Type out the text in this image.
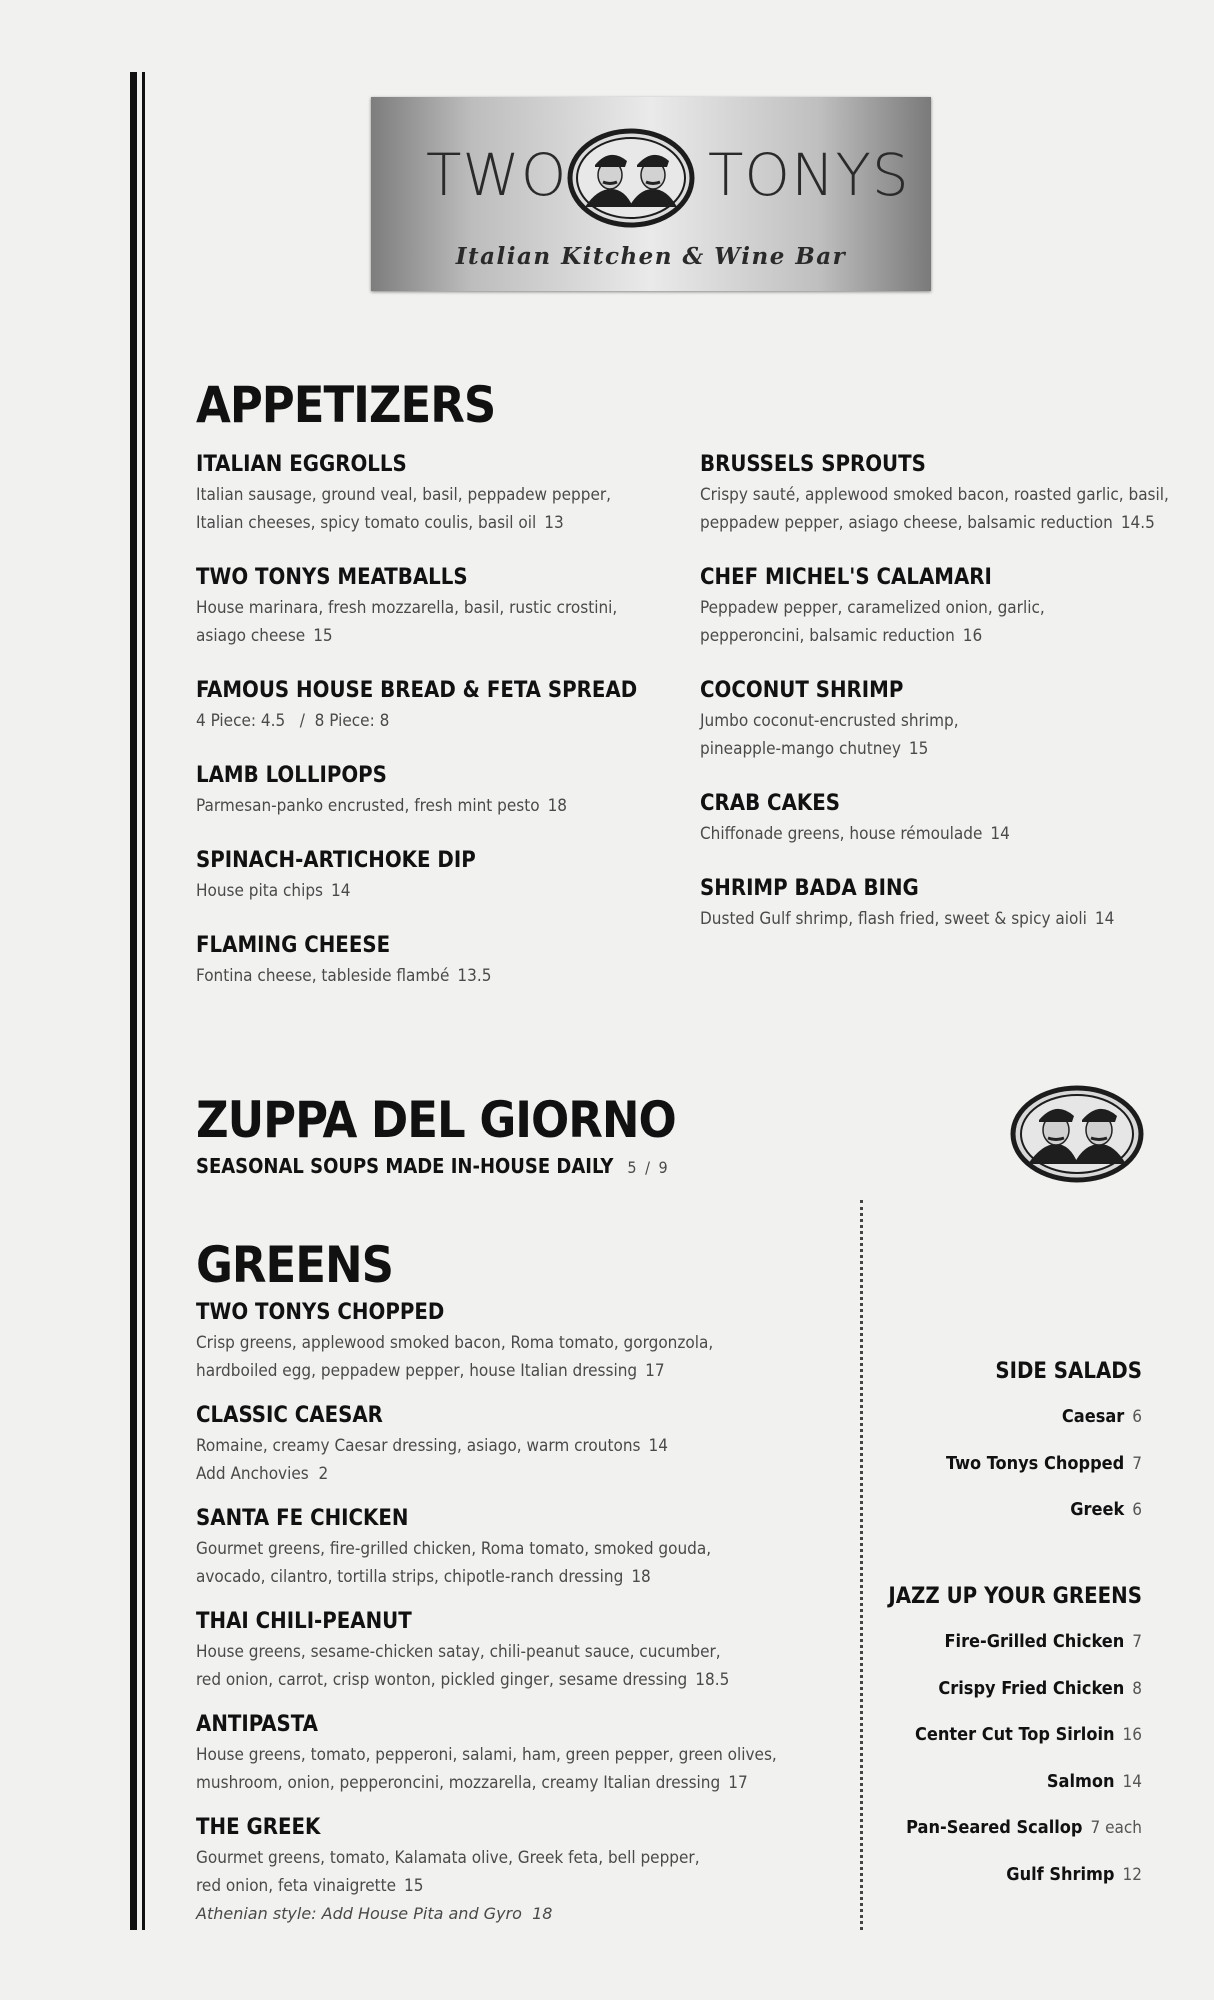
TWO TONYS
Italian Kitchen & Wine Bar
APPETIZERS
ITALIAN EGGROLLS
Italian sausage, ground veal, basil, peppadew pepper,
Italian cheeses, spicy tomato coulis, basil oil 13
TWO TONYS MEATBALLS
House marinara, fresh mozzarella, basil, rustic crostini,
asiago cheese 15
FAMOUS HOUSE BREAD & FETA SPREAD
4 Piece: 4.5   /  8 Piece: 8
LAMB LOLLIPOPS
Parmesan-panko encrusted, fresh mint pesto 18
SPINACH-ARTICHOKE DIP
House pita chips 14
FLAMING CHEESE
Fontina cheese, tableside flambé 13.5
BRUSSELS SPROUTS
Crispy sauté, applewood smoked bacon, roasted garlic, basil,
peppadew pepper, asiago cheese, balsamic reduction 14.5
CHEF MICHEL'S CALAMARI
Peppadew pepper, caramelized onion, garlic,
pepperoncini, balsamic reduction 16
COCONUT SHRIMP
Jumbo coconut-encrusted shrimp,
pineapple-mango chutney 15
CRAB CAKES
Chiffonade greens, house rémoulade 14
SHRIMP BADA BING
Dusted Gulf shrimp, flash fried, sweet & spicy aioli 14
ZUPPA DEL GIORNO
SEASONAL SOUPS MADE IN-HOUSE DAILY 5 / 9
GREENS
TWO TONYS CHOPPED
Crisp greens, applewood smoked bacon, Roma tomato, gorgonzola,
hardboiled egg, peppadew pepper, house Italian dressing 17
CLASSIC CAESAR
Romaine, creamy Caesar dressing, asiago, warm croutons 14
Add Anchovies  2
SANTA FE CHICKEN
Gourmet greens, fire-grilled chicken, Roma tomato, smoked gouda,
avocado, cilantro, tortilla strips, chipotle-ranch dressing 18
THAI CHILI-PEANUT
House greens, sesame-chicken satay, chili-peanut sauce, cucumber,
red onion, carrot, crisp wonton, pickled ginger, sesame dressing 18.5
ANTIPASTA
House greens, tomato, pepperoni, salami, ham, green pepper, green olives,
mushroom, onion, pepperoncini, mozzarella, creamy Italian dressing 17
THE GREEK
Gourmet greens, tomato, Kalamata olive, Greek feta, bell pepper,
red onion, feta vinaigrette 15
Athenian style: Add House Pita and Gyro  18
SIDE SALADS
Caesar 6
Two Tonys Chopped 7
Greek 6
JAZZ UP YOUR GREENS
Fire-Grilled Chicken 7
Crispy Fried Chicken 8
Center Cut Top Sirloin 16
Salmon 14
Pan-Seared Scallop 7 each
Gulf Shrimp 12
